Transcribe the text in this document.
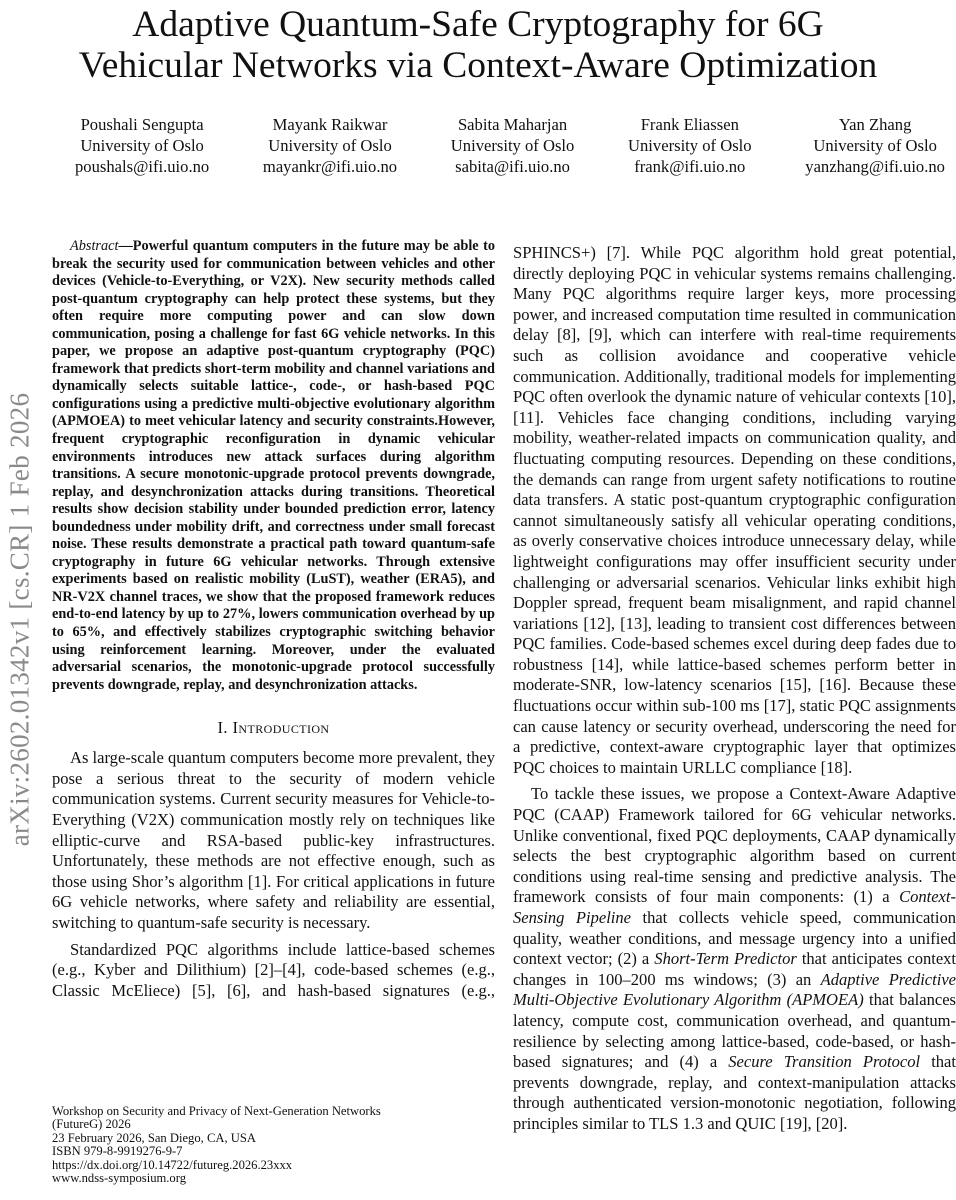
Adaptive Quantum-Safe Cryptography for 6G
Vehicular Networks via Context-Aware Optimization
Poushali Sengupta
University of Oslo
poushals@ifi.uio.no
Mayank Raikwar
University of Oslo
mayankr@ifi.uio.no
Sabita Maharjan
University of Oslo
sabita@ifi.uio.no
Frank Eliassen
University of Oslo
frank@ifi.uio.no
Yan Zhang
University of Oslo
yanzhang@ifi.uio.no
arXiv:2602.01342v1 [cs.CR] 1 Feb 2026

Abstract—Powerful quantum computers in the future may be able to break the security used for communication between vehicles and other devices (Vehicle-to-Everything, or V2X). New security methods called post-quantum cryptography can help protect these systems, but they often require more computing power and can slow down communication, posing a challenge for fast 6G vehicle networks. In this paper, we propose an adaptive post-quantum cryptography (PQC) framework that predicts short-term mobility and channel variations and dynamically selects suitable lattice-, code-, or hash-based PQC configurations using a predictive multi-objective evolutionary algorithm (APMOEA) to meet vehicular latency and security constraints.However, frequent cryptographic reconfiguration in dynamic vehicular environments introduces new attack surfaces during algorithm transitions. A secure monotonic-upgrade protocol prevents downgrade, replay, and desynchronization attacks during transitions. Theoretical results show decision stability under bounded prediction error, latency boundedness under mobility drift, and correctness under small forecast noise. These results demonstrate a practical path toward quantum-safe cryptography in future 6G vehicular networks. Through extensive experiments based on realistic mobility (LuST), weather (ERA5), and NR-V2X channel traces, we show that the proposed framework reduces end-to-end latency by up to 27%, lowers communication overhead by up to 65%, and effectively stabilizes cryptographic switching behavior using reinforcement learning. Moreover, under the evaluated adversarial scenarios, the monotonic-upgrade protocol successfully prevents downgrade, replay, and desynchronization attacks.

I. Introduction

As large-scale quantum computers become more prevalent, they pose a serious threat to the security of modern vehicle communication systems. Current security measures for Vehicle-to-Everything (V2X) communication mostly rely on techniques like elliptic-curve and RSA-based public-key infrastructures. Unfortunately, these methods are not effective enough, such as those using Shor’s algorithm [1]. For critical applications in future 6G vehicle networks, where safety and reliability are essential, switching to quantum-safe security is necessary.

Standardized PQC algorithms include lattice-based schemes (e.g., Kyber and Dilithium) [2]–[4], code-based schemes (e.g., Classic McEliece) [5], [6], and hash-based signatures (e.g.,

SPHINCS+) [7]. While PQC algorithm hold great potential, directly deploying PQC in vehicular systems remains challenging. Many PQC algorithms require larger keys, more processing power, and increased computation time resulted in communication delay [8], [9], which can interfere with real-time requirements such as collision avoidance and cooperative vehicle communication. Additionally, traditional models for implementing PQC often overlook the dynamic nature of vehicular contexts [10], [11]. Vehicles face changing conditions, including varying mobility, weather-related impacts on communication quality, and fluctuating computing resources. Depending on these conditions, the demands can range from urgent safety notifications to routine data transfers. A static post-quantum cryptographic configuration cannot simultaneously satisfy all vehicular operating conditions, as overly conservative choices introduce unnecessary delay, while lightweight configurations may offer insufficient security under challenging or adversarial scenarios. Vehicular links exhibit high Doppler spread, frequent beam misalignment, and rapid channel variations [12], [13], leading to transient cost differences between PQC families. Code-based schemes excel during deep fades due to robustness [14], while lattice-based schemes perform better in moderate-SNR, low-latency scenarios [15], [16]. Because these fluctuations occur within sub-100 ms [17], static PQC assignments can cause latency or security overhead, underscoring the need for a predictive, context-aware cryptographic layer that optimizes PQC choices to maintain URLLC compliance [18].

To tackle these issues, we propose a Context-Aware Adaptive PQC (CAAP) Framework tailored for 6G vehicular networks. Unlike conventional, fixed PQC deployments, CAAP dynamically selects the best cryptographic algorithm based on current conditions using real-time sensing and predictive analysis. The framework consists of four main components: (1) a Context-Sensing Pipeline that collects vehicle speed, communication quality, weather conditions, and message urgency into a unified context vector; (2) a Short-Term Predictor that anticipates context changes in 100–200 ms windows; (3) an Adaptive Predictive Multi-Objective Evolutionary Algorithm (APMOEA) that balances latency, compute cost, communication overhead, and quantum-resilience by selecting among lattice-based, code-based, or hash-based signatures; and (4) a Secure Transition Protocol that prevents downgrade, replay, and context-manipulation attacks through authenticated version-monotonic negotiation, following principles similar to TLS 1.3 and QUIC [19], [20].

Workshop on Security and Privacy of Next-Generation Networks
(FutureG) 2026
23 February 2026, San Diego, CA, USA
ISBN 979-8-9919276-9-7
https://dx.doi.org/10.14722/futureg.2026.23xxx
www.ndss-symposium.org
